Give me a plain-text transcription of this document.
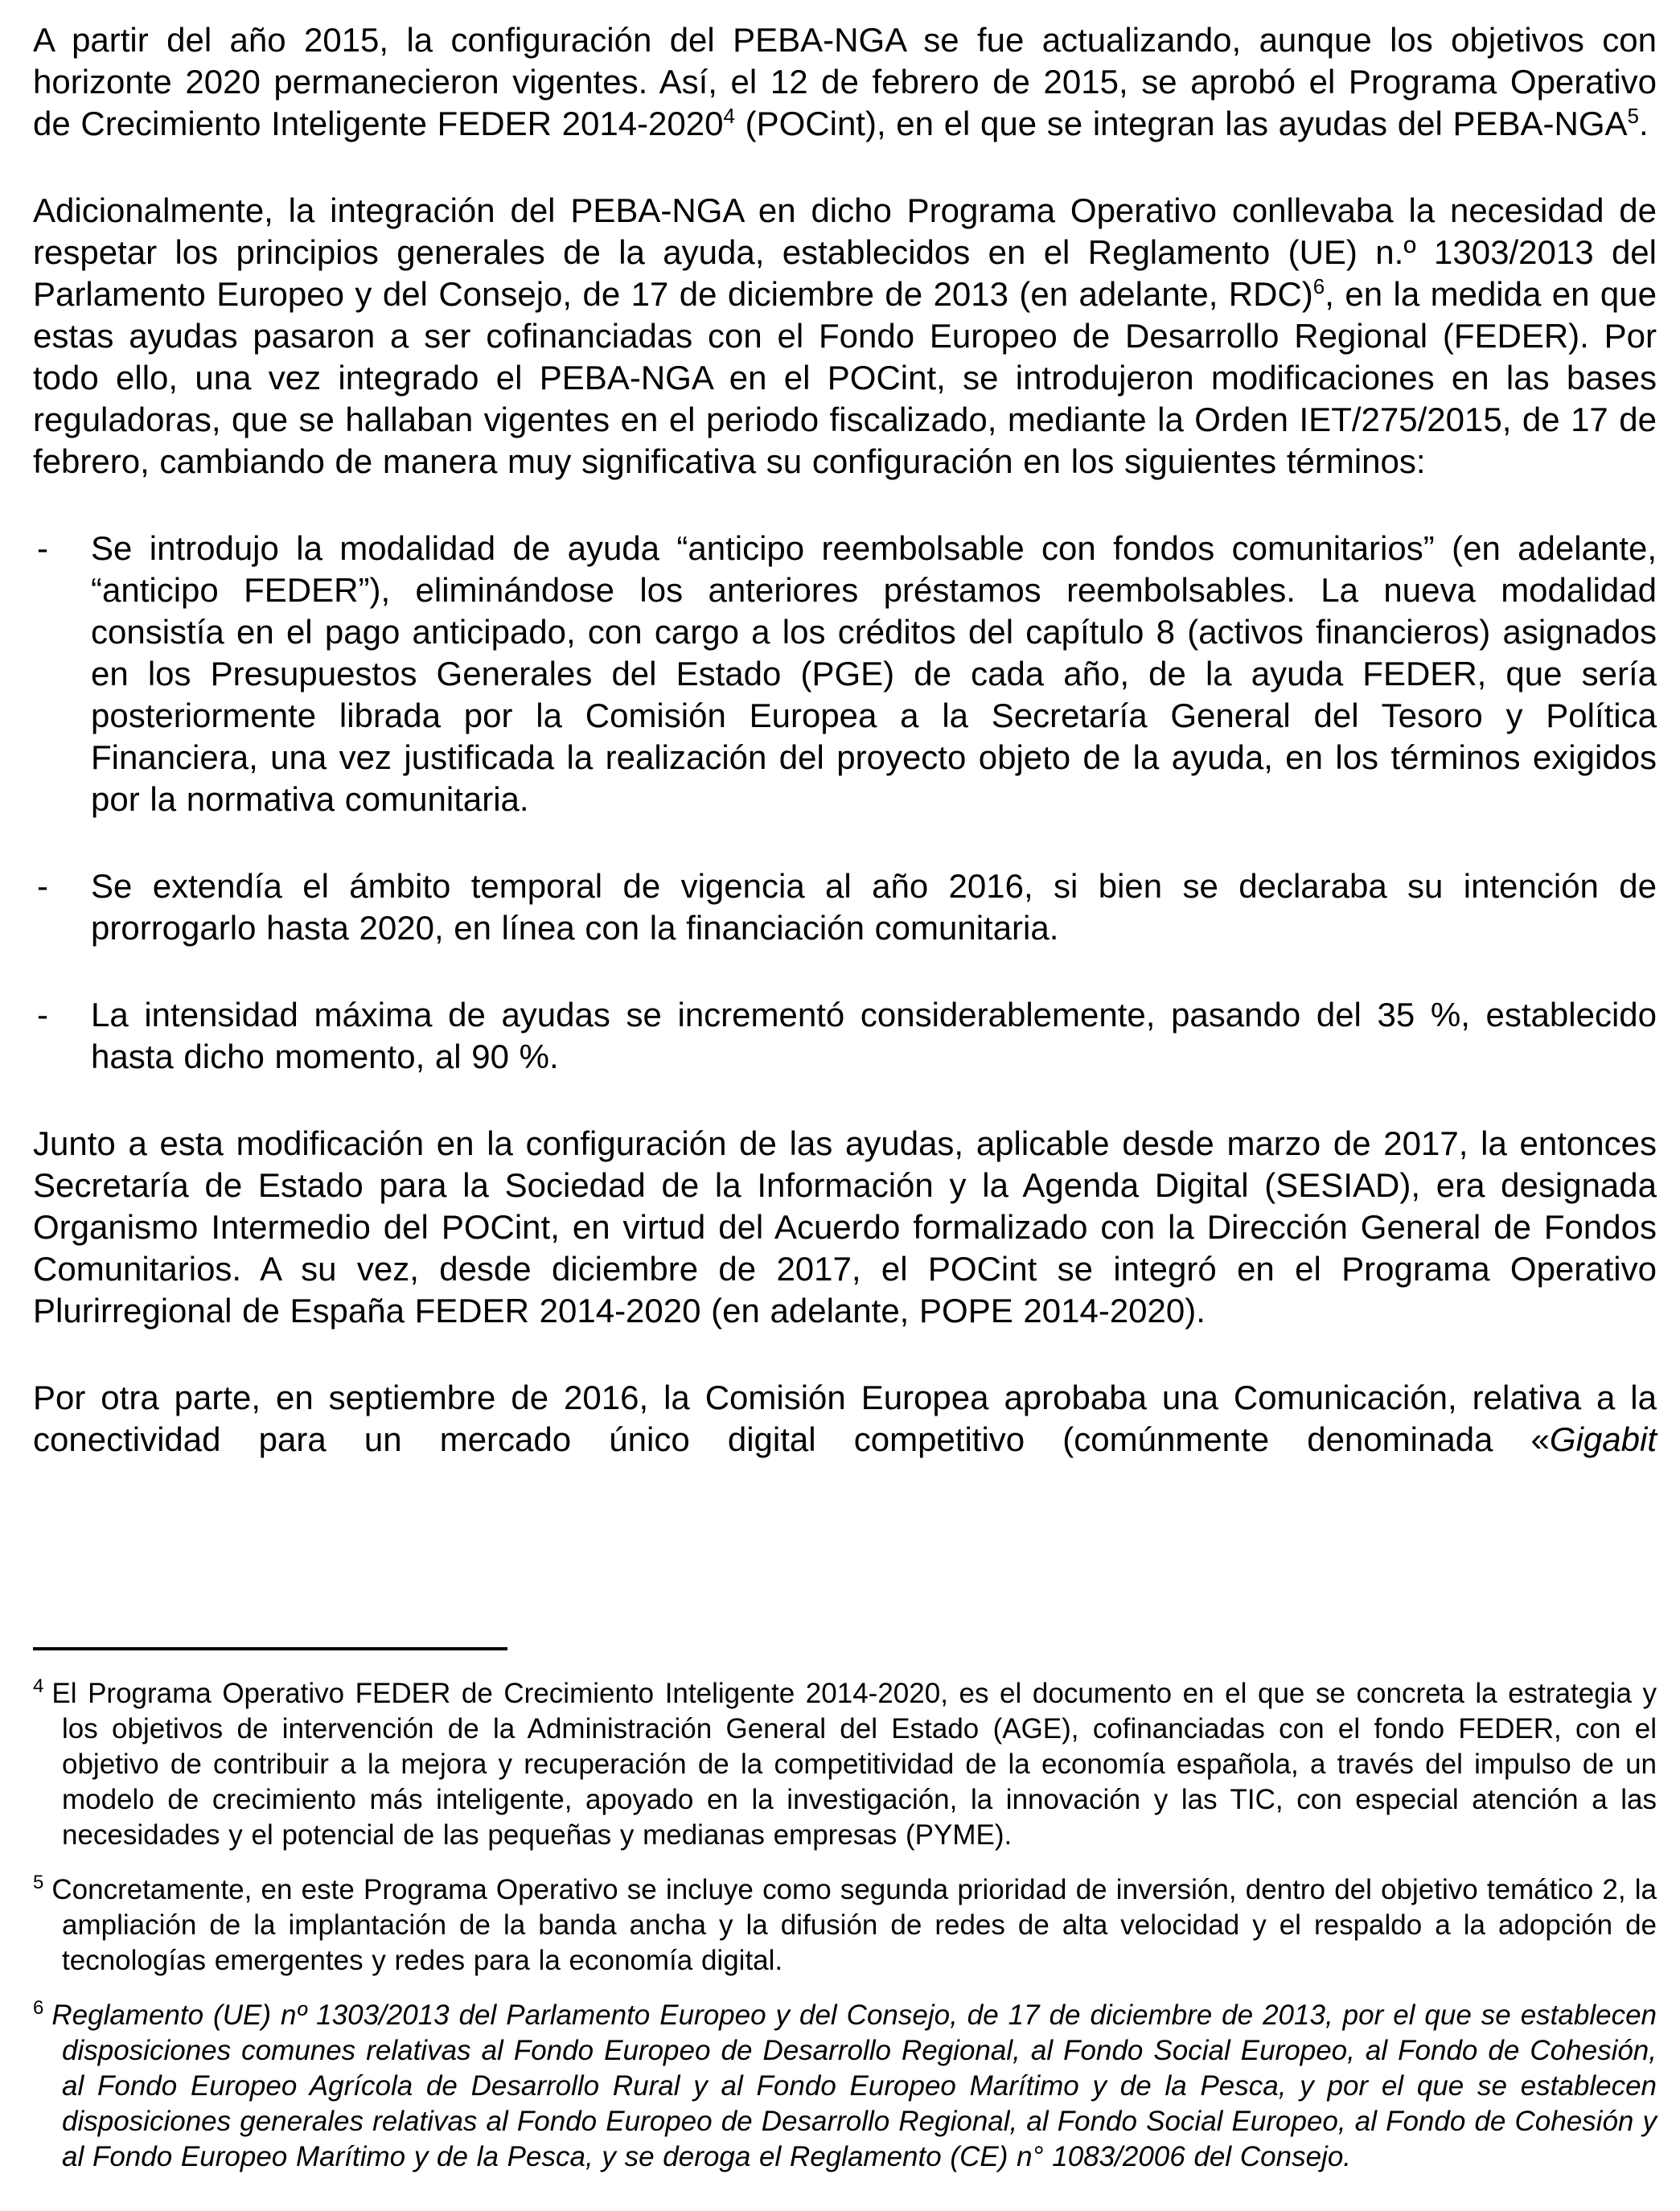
A partir del año 2015, la configuración del PEBA-NGA se fue actualizando, aunque los objetivos con horizonte 2020 permanecieron vigentes. Así, el 12 de febrero de 2015, se aprobó el Programa Operativo de Crecimiento Inteligente FEDER 2014-2020$^4$ (POCint), en el que se integran las ayudas del PEBA-NGA$^5$.

Adicionalmente, la integración del PEBA-NGA en dicho Programa Operativo conllevaba la necesidad de respetar los principios generales de la ayuda, establecidos en el Reglamento (UE) n.º 1303/2013 del Parlamento Europeo y del Consejo, de 17 de diciembre de 2013 (en adelante, RDC)$^6$, en la medida en que estas ayudas pasaron a ser cofinanciadas con el Fondo Europeo de Desarrollo Regional (FEDER). Por todo ello, una vez integrado el PEBA-NGA en el POCint, se introdujeron modificaciones en las bases reguladoras, que se hallaban vigentes en el periodo fiscalizado, mediante la Orden IET/275/2015, de 17 de febrero, cambiando de manera muy significativa su configuración en los siguientes términos:

-	Se introdujo la modalidad de ayuda “anticipo reembolsable con fondos comunitarios” (en adelante, “anticipo FEDER”), eliminándose los anteriores préstamos reembolsables. La nueva modalidad consistía en el pago anticipado, con cargo a los créditos del capítulo 8 (activos financieros) asignados en los Presupuestos Generales del Estado (PGE) de cada año, de la ayuda FEDER, que sería posteriormente librada por la Comisión Europea a la Secretaría General del Tesoro y Política Financiera, una vez justificada la realización del proyecto objeto de la ayuda, en los términos exigidos por la normativa comunitaria.
-	Se extendía el ámbito temporal de vigencia al año 2016, si bien se declaraba su intención de prorrogarlo hasta 2020, en línea con la financiación comunitaria.
-	La intensidad máxima de ayudas se incrementó considerablemente, pasando del 35 %, establecido hasta dicho momento, al 90 %.

Junto a esta modificación en la configuración de las ayudas, aplicable desde marzo de 2017, la entonces Secretaría de Estado para la Sociedad de la Información y la Agenda Digital (SESIAD), era designada Organismo Intermedio del POCint, en virtud del Acuerdo formalizado con la Dirección General de Fondos Comunitarios. A su vez, desde diciembre de 2017, el POCint se integró en el Programa Operativo Plurirregional de España FEDER 2014-2020 (en adelante, POPE 2014-2020).

Por otra parte, en septiembre de 2016, la Comisión Europea aprobaba una Comunicación, relativa a la conectividad para un mercado único digital competitivo (comúnmente denominada «Gigabit

$^4$ El Programa Operativo FEDER de Crecimiento Inteligente 2014-2020, es el documento en el que se concreta la estrategia y los objetivos de intervención de la Administración General del Estado (AGE), cofinanciadas con el fondo FEDER, con el objetivo de contribuir a la mejora y recuperación de la competitividad de la economía española, a través del impulso de un modelo de crecimiento más inteligente, apoyado en la investigación, la innovación y las TIC, con especial atención a las necesidades y el potencial de las pequeñas y medianas empresas (PYME).

$^5$ Concretamente, en este Programa Operativo se incluye como segunda prioridad de inversión, dentro del objetivo temático 2, la ampliación de la implantación de la banda ancha y la difusión de redes de alta velocidad y el respaldo a la adopción de tecnologías emergentes y redes para la economía digital.

$^6$ Reglamento (UE) nº 1303/2013 del Parlamento Europeo y del Consejo, de 17 de diciembre de 2013, por el que se establecen disposiciones comunes relativas al Fondo Europeo de Desarrollo Regional, al Fondo Social Europeo, al Fondo de Cohesión, al Fondo Europeo Agrícola de Desarrollo Rural y al Fondo Europeo Marítimo y de la Pesca, y por el que se establecen disposiciones generales relativas al Fondo Europeo de Desarrollo Regional, al Fondo Social Europeo, al Fondo de Cohesión y al Fondo Europeo Marítimo y de la Pesca, y se deroga el Reglamento (CE) n° 1083/2006 del Consejo.
